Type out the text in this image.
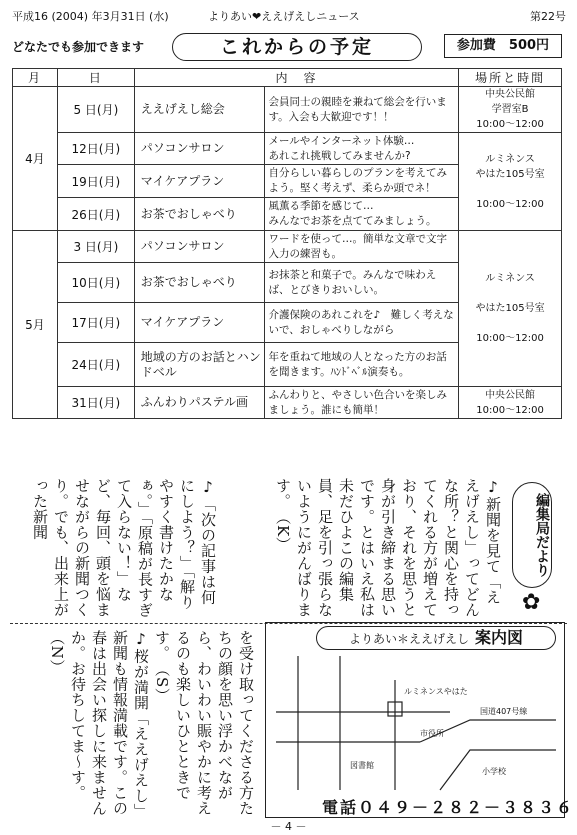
平成16 (2004) 年3月31日 (水)	よりあい❤ええげえしニュース	第22号
どなたでも参加できます	これからの予定	参加費　500円
月	日	内　容		場所と時間
4月	5 日(月)	ええげえし総会	会員同士の親睦を兼ねて総会を行います。入会も大歓迎です！！	中央公民館
学習室B
10:00～12:00
	12日(月)	パソコンサロン	メールやインターネット体験…
あれこれ挑戦してみませんか?	ルミネンス
やはた105号室

10:00～12:00
	19日(月)	マイケアプラン	自分らしい暮らしのプランを考えてみよう。堅く考えず、柔らか頭でネ！	
	26日(月)	お茶でおしゃべり	風薫る季節を感じて…
みんなでお茶を点ててみましょう。	
5月	3 日(月)	パソコンサロン	ワードを使って…。簡単な文章で文字入力の練習も。	ルミネンス

やはた105号室

10:00～12:00
	10日(月)	お茶でおしゃべり	お抹茶と和菓子で。みんなで味わえば、とびきりおいしい。	
	17日(月)	マイケアプラン	介護保険のあれこれを♪　難しく考えないで、おしゃべりしながら	
	24日(月)	地域の方のお話とハンドベル	年を重ねて地域の人となった方のお話を聞きます。ﾊﾝﾄﾞﾍﾞﾙ演奏も。	
	31日(月)	ふんわりパステル画	ふんわりと、やさしい色合いを楽しみましょう。誰にも簡単！	中央公民館
10:00～12:00
♪新聞を見て「ええげえし」ってどんな所？と関心を持ってくれる方が増えており、それを思うと身が引き締まる思いです。とはいえ私は未だひよこの編集員、足を引っ張らないようにがんばります。　（K）
♪「次の記事は何にしよう？」「解りやすく書けたかなぁ。」「原稿が長すぎて入らない！」など、毎回、頭を悩ませながらの新聞つくり。でも、出来上がった新聞	編集局だより
✿
を受け取ってくださる方たちの顔を思い浮かべながら、わいわい賑やかに考えるのも楽しいひとときです。　（S）
♪桜が満開「ええげえし」新聞も情報満載です。この春は出会い探しに来ませんか。お待ちしてま～す。　（N）
ルミネンスやはた
国道407号線
市役所
図書館
小学校
よりあい＊ええげえし 案内図
電話０４９－２８２－３８３６
－ 4 －
